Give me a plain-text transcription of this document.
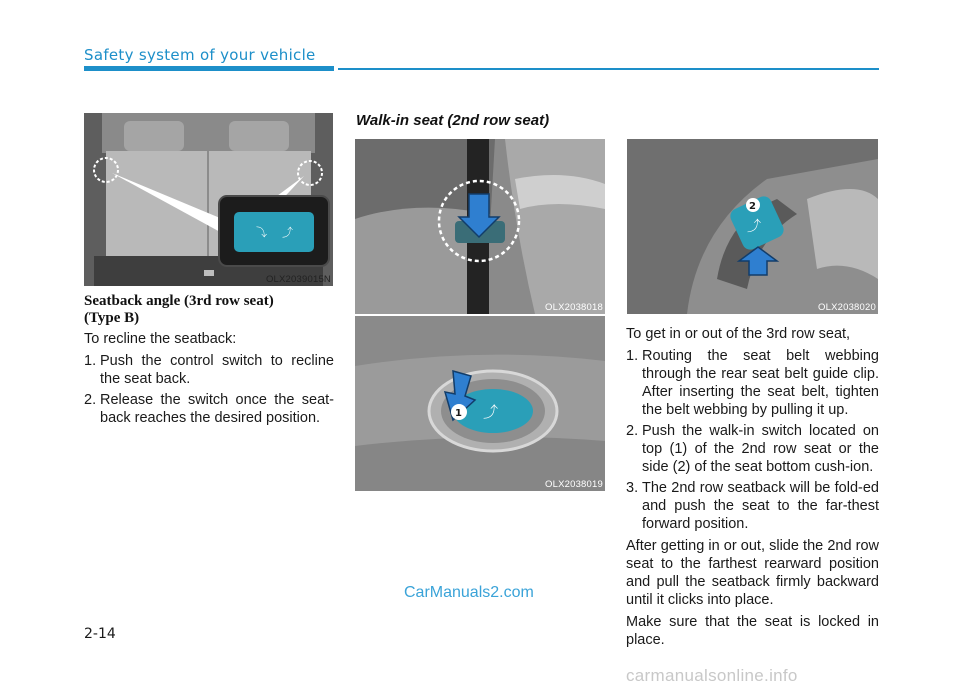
Safety system of your vehicle
⤵ ⤴
OLX2039015N
Seatback angle (3rd row seat)
(Type B)

To recline the seatback:

1. Push the control switch to recline the seat back.
2. Release the switch once the seat-back reaches the desired position.
Walk-in seat (2nd row seat)
OLX2038018
⤴
1
OLX2038019
⤴
2
OLX2038020

To get in or out of the 3rd row seat,

1. Routing the seat belt webbing through the rear seat belt guide clip. After inserting the seat belt, tighten the belt webbing by pulling it up.
2. Push the walk-in switch located on top (1) of the 2nd row seat or the side (2) of the seat bottom cush-ion.
3. The 2nd row seatback will be fold-ed and push the seat to the far-thest forward position.

After getting in or out, slide the 2nd row seat to the farthest rearward position and pull the seatback firmly backward until it clicks into place.

Make sure that the seat is locked in place.

CarManuals2.com
2-14
carmanualsonline.info
